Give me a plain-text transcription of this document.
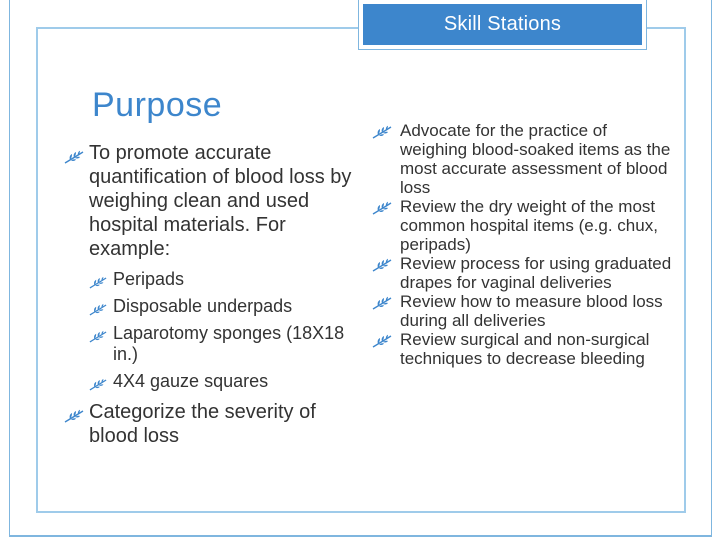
Skill Stations
Purpose
To promote accurate quantification of blood loss by weighing clean and used hospital materials. For example:
Peripads
Disposable underpads
Laparotomy sponges (18X18 in.)
4X4 gauze squares
Categorize the severity of blood loss
Advocate for the practice of weighing blood-soaked items as the most accurate assessment of blood loss
Review the dry weight of the most common hospital items (e.g. chux, peripads)
Review process for using graduated drapes for vaginal deliveries
Review how to measure blood loss during all deliveries
Review surgical and non-surgical techniques to decrease bleeding
